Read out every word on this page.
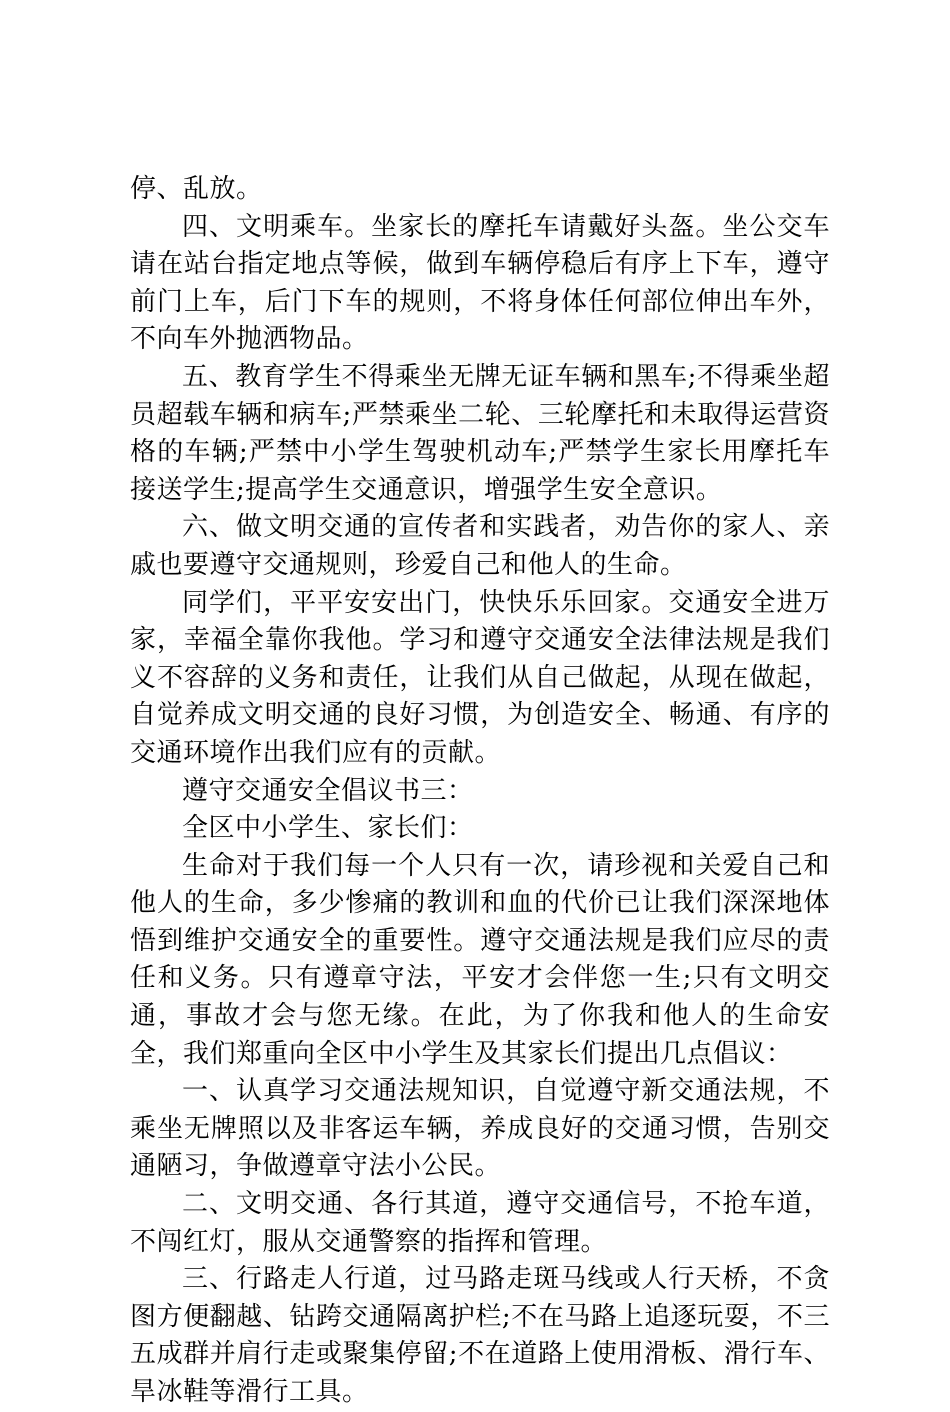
停、乱放。

四、文明乘车。坐家长的摩托车请戴好头盔。坐公交车请在站台指定地点等候，做到车辆停稳后有序上下车，遵守前门上车，后门下车的规则，不将身体任何部位伸出车外，不向车外抛洒物品。

五、教育学生不得乘坐无牌无证车辆和黑车;不得乘坐超员超载车辆和病车;严禁乘坐二轮、三轮摩托和未取得运营资格的车辆;严禁中小学生驾驶机动车;严禁学生家长用摩托车接送学生;提高学生交通意识，增强学生安全意识。

六、做文明交通的宣传者和实践者，劝告你的家人、亲戚也要遵守交通规则，珍爱自己和他人的生命。

同学们，平平安安出门，快快乐乐回家。交通安全进万家，幸福全靠你我他。学习和遵守交通安全法律法规是我们义不容辞的义务和责任，让我们从自己做起，从现在做起，自觉养成文明交通的良好习惯，为创造安全、畅通、有序的交通环境作出我们应有的贡献。

遵守交通安全倡议书三：

全区中小学生、家长们：

生命对于我们每一个人只有一次，请珍视和关爱自己和他人的生命，多少惨痛的教训和血的代价已让我们深深地体悟到维护交通安全的重要性。遵守交通法规是我们应尽的责任和义务。只有遵章守法，平安才会伴您一生;只有文明交通，事故才会与您无缘。在此，为了你我和他人的生命安全，我们郑重向全区中小学生及其家长们提出几点倡议：

一、认真学习交通法规知识，自觉遵守新交通法规，不乘坐无牌照以及非客运车辆，养成良好的交通习惯，告别交通陋习，争做遵章守法小公民。

二、文明交通、各行其道，遵守交通信号，不抢车道，不闯红灯，服从交通警察的指挥和管理。

三、行路走人行道，过马路走斑马线或人行天桥，不贪图方便翻越、钻跨交通隔离护栏;不在马路上追逐玩耍，不三五成群并肩行走或聚集停留;不在道路上使用滑板、滑行车、旱冰鞋等滑行工具。
